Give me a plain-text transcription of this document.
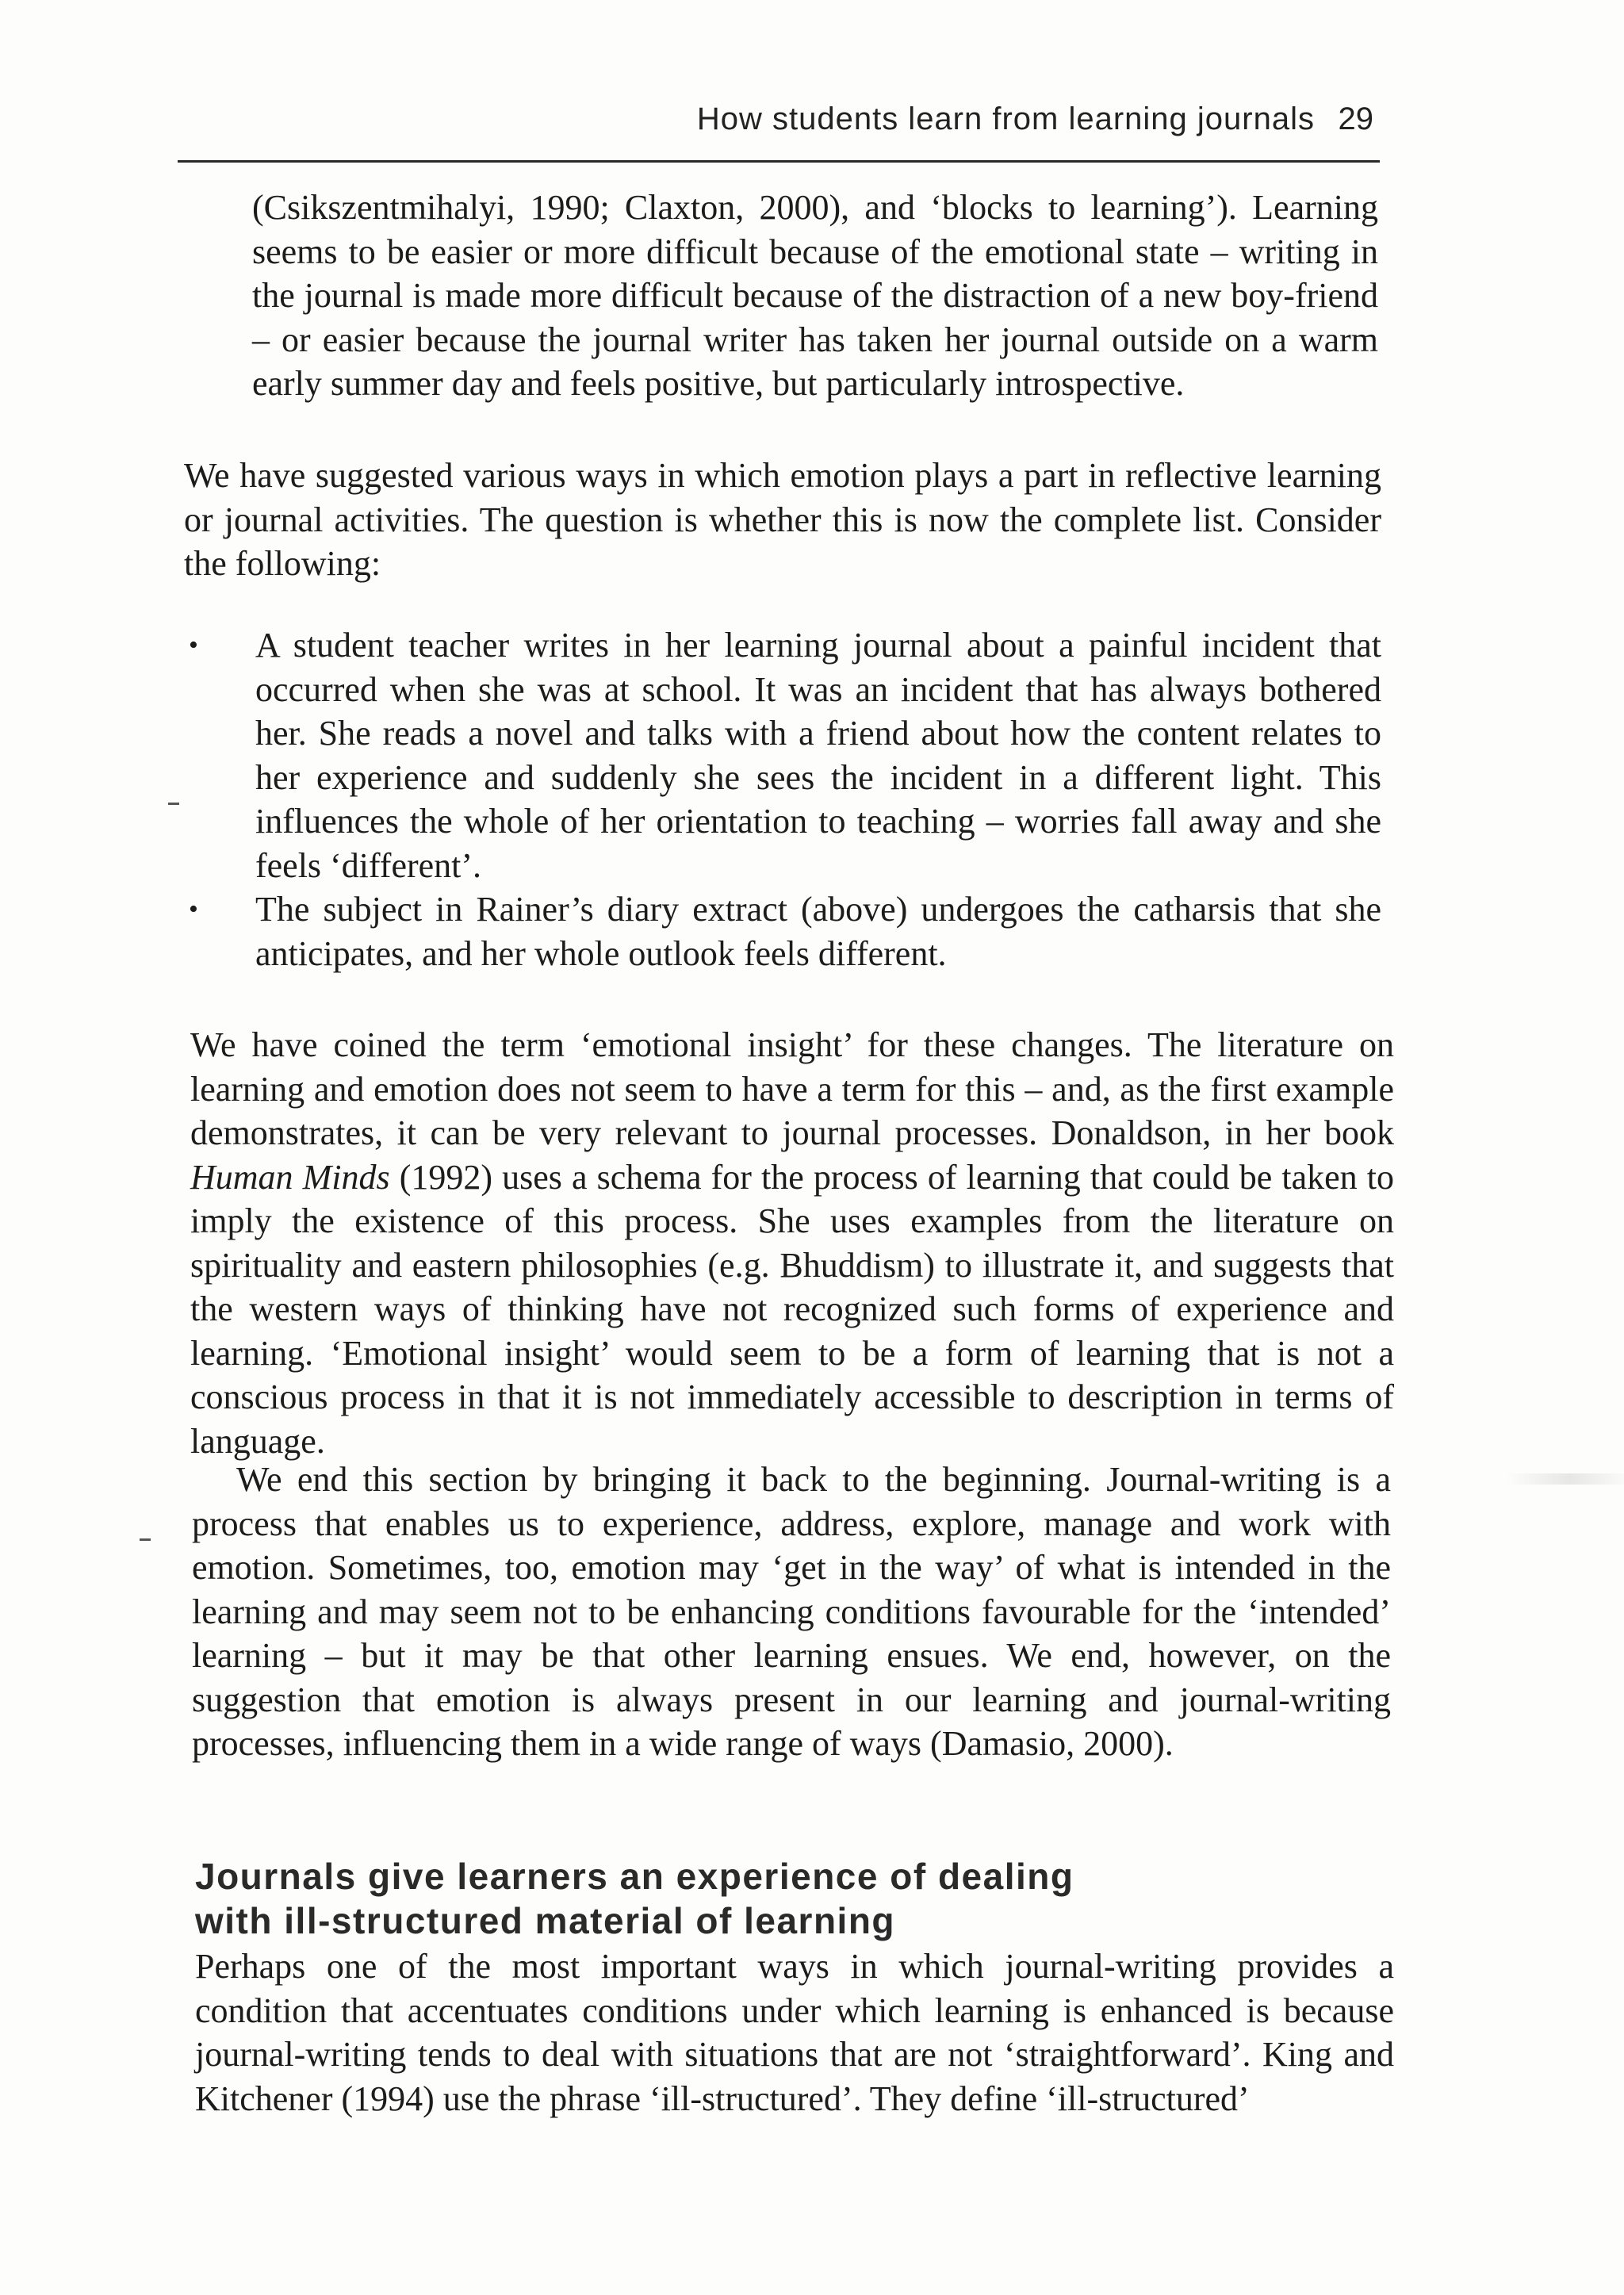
How students learn from learning journals 29
(Csikszentmihalyi, 1990; Claxton, 2000), and ‘blocks to learning’). Learning seems to be easier or more difficult because of the emotional state – writing in the journal is made more difficult because of the distraction of a new boy-friend – or easier because the journal writer has taken her journal outside on a warm early summer day and feels positive, but particularly introspective.
We have suggested various ways in which emotion plays a part in reflective learning or journal activities. The question is whether this is now the complete list. Consider the following:
• A student teacher writes in her learning journal about a painful incident that occurred when she was at school. It was an incident that has always bothered her. She reads a novel and talks with a friend about how the content relates to her experience and suddenly she sees the incident in a different light. This influences the whole of her orientation to teaching – worries fall away and she feels ‘different’.
• The subject in Rainer’s diary extract (above) undergoes the catharsis that she anticipates, and her whole outlook feels different.
We have coined the term ‘emotional insight’ for these changes. The literature on learning and emotion does not seem to have a term for this – and, as the first example demonstrates, it can be very relevant to journal processes. Donaldson, in her book Human Minds (1992) uses a schema for the process of learning that could be taken to imply the existence of this process. She uses examples from the literature on spirituality and eastern philosophies (e.g. Bhuddism) to illustrate it, and suggests that the western ways of thinking have not recognized such forms of experience and learning. ‘Emotional insight’ would seem to be a form of learning that is not a conscious process in that it is not immediately accessible to description in terms of language.
We end this section by bringing it back to the beginning. Journal-writing is a process that enables us to experience, address, explore, manage and work with emotion. Sometimes, too, emotion may ‘get in the way’ of what is intended in the learning and may seem not to be enhancing conditions favourable for the ‘intended’ learning – but it may be that other learning ensues. We end, however, on the suggestion that emotion is always present in our learning and journal-writing processes, influencing them in a wide range of ways (Damasio, 2000).
Journals give learners an experience of dealing
with ill-structured material of learning
Perhaps one of the most important ways in which journal-writing provides a condition that accentuates conditions under which learning is enhanced is because journal-writing tends to deal with situations that are not ‘straightforward’. King and Kitchener (1994) use the phrase ‘ill-structured’. They define ‘ill-structured’
